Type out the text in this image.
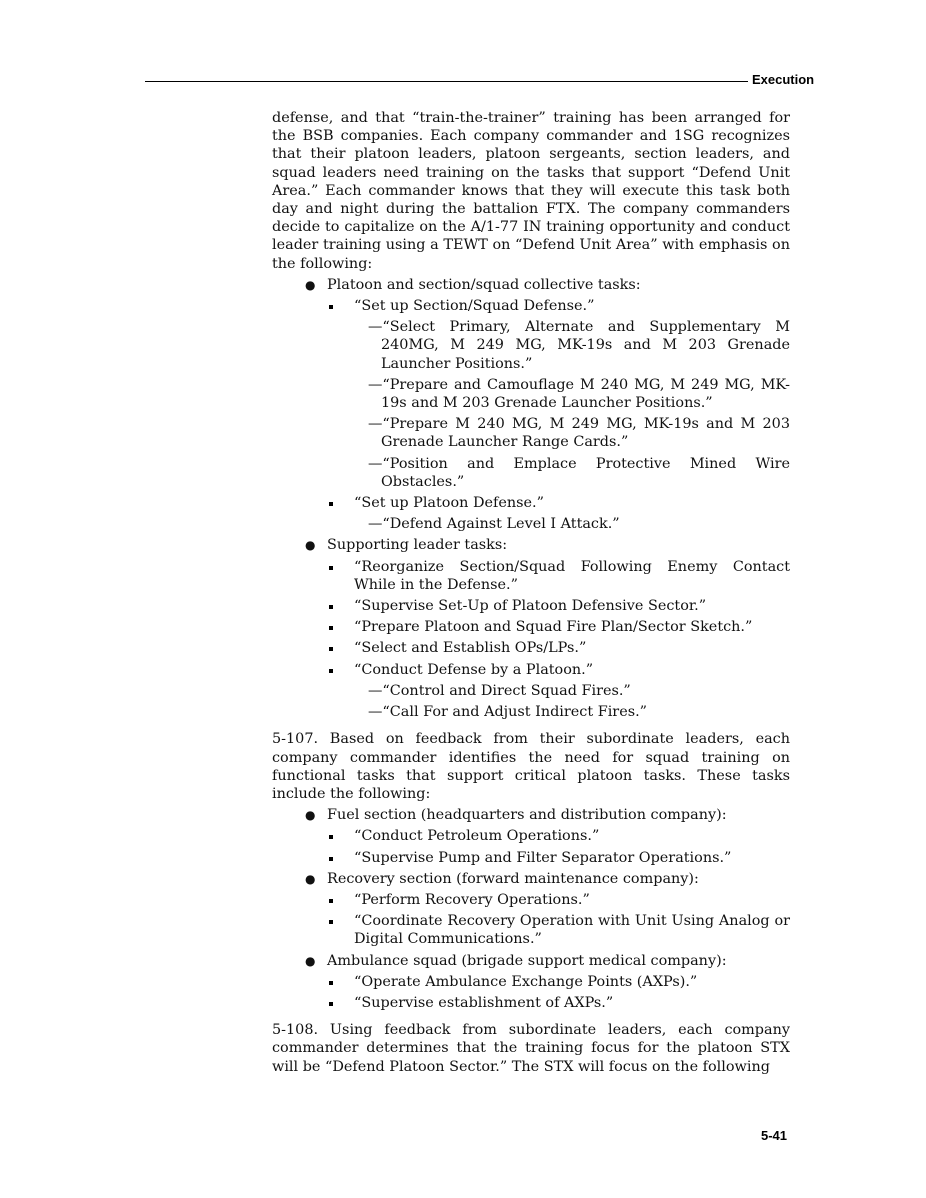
Execution

defense, and that “train-the-trainer” training has been arranged for the BSB companies. Each company commander and 1SG recognizes that their platoon leaders, platoon sergeants, section leaders, and squad leaders need training on the tasks that support “Defend Unit Area.” Each commander knows that they will execute this task both day and night during the battalion FTX. The company commanders decide to capitalize on the A/1-77 IN training opportunity and conduct leader training using a TEWT on “Defend Unit Area” with emphasis on the following:

● Platoon and section/squad collective tasks:
“Set up Section/Squad Defense.”
—“Select Primary, Alternate and Supplementary M 240MG, M 249 MG, MK-19s and M 203 Grenade Launcher Positions.”
—“Prepare and Camouflage M 240 MG, M 249 MG, MK-19s and M 203 Grenade Launcher Positions.”
—“Prepare M 240 MG, M 249 MG, MK-19s and M 203 Grenade Launcher Range Cards.”
—“Position and Emplace Protective Mined Wire Obstacles.”
“Set up Platoon Defense.”
—“Defend Against Level I Attack.”
● Supporting leader tasks:
“Reorganize Section/Squad Following Enemy Contact While in the Defense.”
“Supervise Set-Up of Platoon Defensive Sector.”
“Prepare Platoon and Squad Fire Plan/Sector Sketch.”
“Select and Establish OPs/LPs.”
“Conduct Defense by a Platoon.”
—“Control and Direct Squad Fires.”
—“Call For and Adjust Indirect Fires.”

5-107. Based on feedback from their subordinate leaders, each company commander identifies the need for squad training on functional tasks that support critical platoon tasks. These tasks include the following:

● Fuel section (headquarters and distribution company):
“Conduct Petroleum Operations.”
“Supervise Pump and Filter Separator Operations.”
● Recovery section (forward maintenance company):
“Perform Recovery Operations.”
“Coordinate Recovery Operation with Unit Using Analog or Digital Communications.”
● Ambulance squad (brigade support medical company):
“Operate Ambulance Exchange Points (AXPs).”
“Supervise establishment of AXPs.”

5-108. Using feedback from subordinate leaders, each company commander determines that the training focus for the platoon STX will be “Defend Platoon Sector.” The STX will focus on the following

5-41
